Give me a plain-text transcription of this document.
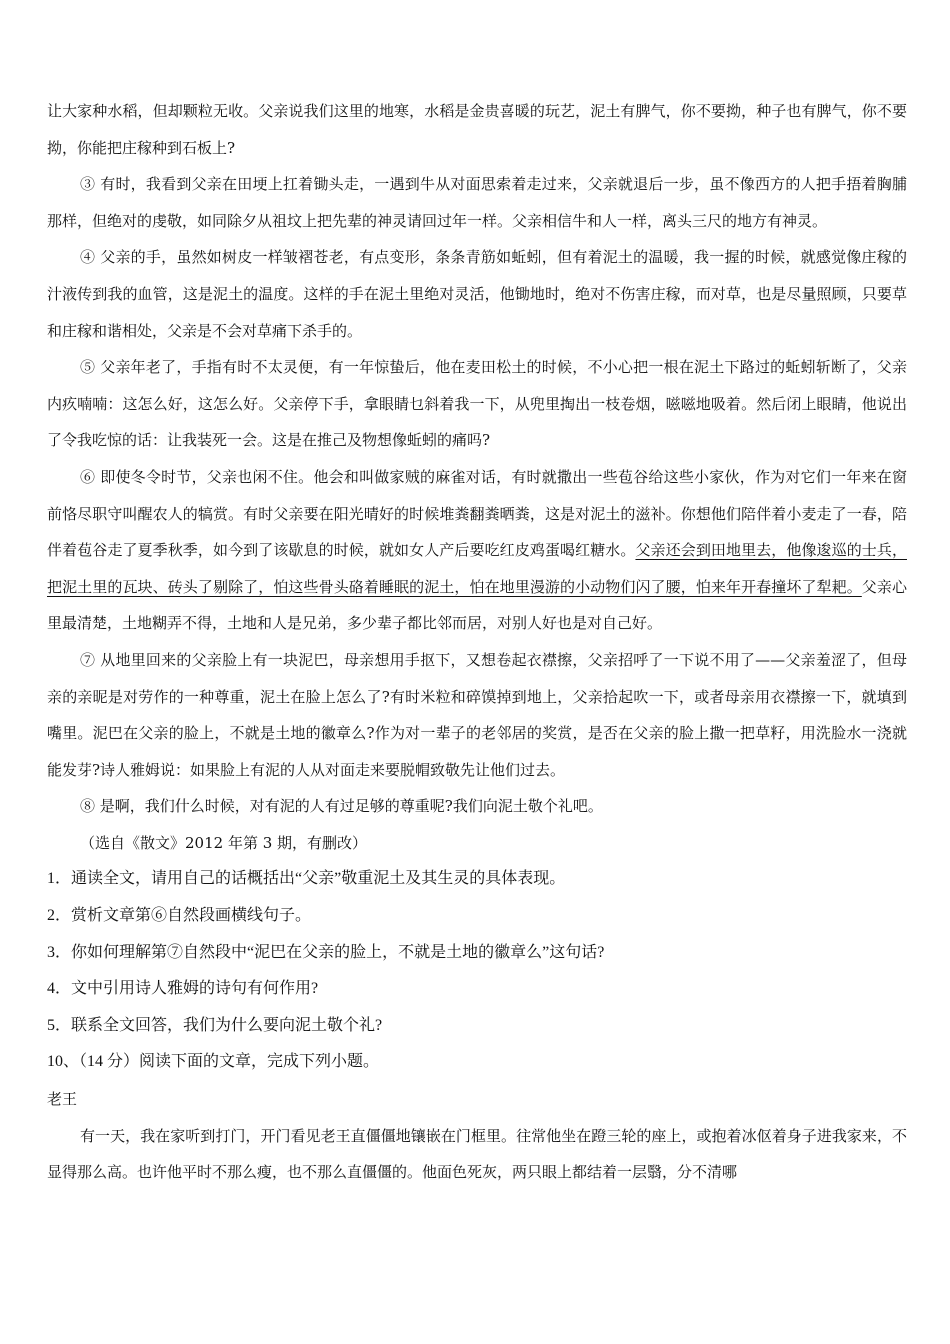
让大家种水稻，但却颗粒无收。父亲说我们这里的地寒，水稻是金贵喜暖的玩艺，泥土有脾气，你不要拗，种子也有脾气，你不要拗，你能把庄稼种到石板上?

③ 有时，我看到父亲在田埂上扛着锄头走，一遇到牛从对面思索着走过来，父亲就退后一步，虽不像西方的人把手捂着胸脯那样，但绝对的虔敬，如同除夕从祖坟上把先辈的神灵请回过年一样。父亲相信牛和人一样，离头三尺的地方有神灵。

④ 父亲的手，虽然如树皮一样皱褶苍老，有点变形，条条青筋如蚯蚓，但有着泥土的温暖，我一握的时候，就感觉像庄稼的汁液传到我的血管，这是泥土的温度。这样的手在泥土里绝对灵活，他锄地时，绝对不伤害庄稼，而对草，也是尽量照顾，只要草和庄稼和谐相处，父亲是不会对草痛下杀手的。

⑤ 父亲年老了，手指有时不太灵便，有一年惊蛰后，他在麦田松土的时候，不小心把一根在泥土下路过的蚯蚓斩断了，父亲内疚喃喃：这怎么好，这怎么好。父亲停下手，拿眼睛乜斜着我一下，从兜里掏出一枝卷烟，嗞嗞地吸着。然后闭上眼睛，他说出了令我吃惊的话：让我装死一会。这是在推己及物想像蚯蚓的痛吗?

⑥ 即使冬令时节，父亲也闲不住。他会和叫做家贼的麻雀对话，有时就撒出一些苞谷给这些小家伙，作为对它们一年来在窗前恪尽职守叫醒农人的犒赏。有时父亲要在阳光晴好的时候堆粪翻粪晒粪，这是对泥土的滋补。你想他们陪伴着小麦走了一春，陪伴着苞谷走了夏季秋季，如今到了该歇息的时候，就如女人产后要吃红皮鸡蛋喝红糖水。父亲还会到田地里去，他像逡巡的士兵，把泥土里的瓦块、砖头了剔除了，怕这些骨头硌着睡眠的泥土，怕在地里漫游的小动物们闪了腰，怕来年开春撞坏了犁耙。父亲心里最清楚，土地糊弄不得，土地和人是兄弟，多少辈子都比邻而居，对别人好也是对自己好。

⑦ 从地里回来的父亲脸上有一块泥巴，母亲想用手抠下，又想卷起衣襟擦，父亲招呼了一下说不用了——父亲羞涩了，但母亲的亲昵是对劳作的一种尊重，泥土在脸上怎么了?有时米粒和碎馍掉到地上，父亲拾起吹一下，或者母亲用衣襟擦一下，就填到嘴里。泥巴在父亲的脸上，不就是土地的徽章么?作为对一辈子的老邻居的奖赏，是否在父亲的脸上撒一把草籽，用洗脸水一浇就能发芽?诗人雅姆说：如果脸上有泥的人从对面走来要脱帽致敬先让他们过去。

⑧ 是啊，我们什么时候，对有泥的人有过足够的尊重呢?我们向泥土敬个礼吧。

（选自《散文》2012 年第 3 期，有删改）

1．通读全文，请用自己的话概括出“父亲”敬重泥土及其生灵的具体表现。

2．赏析文章第⑥自然段画横线句子。

3．你如何理解第⑦自然段中“泥巴在父亲的脸上，不就是土地的徽章么”这句话?

4．文中引用诗人雅姆的诗句有何作用?

5．联系全文回答，我们为什么要向泥土敬个礼?

10、（14 分）阅读下面的文章，完成下列小题。

老王

有一天，我在家听到打门，开门看见老王直僵僵地镶嵌在门框里。往常他坐在蹬三轮的座上，或抱着冰伛着身子进我家来，不显得那么高。也许他平时不那么瘦，也不那么直僵僵的。他面色死灰，两只眼上都结着一层翳，分不清哪
